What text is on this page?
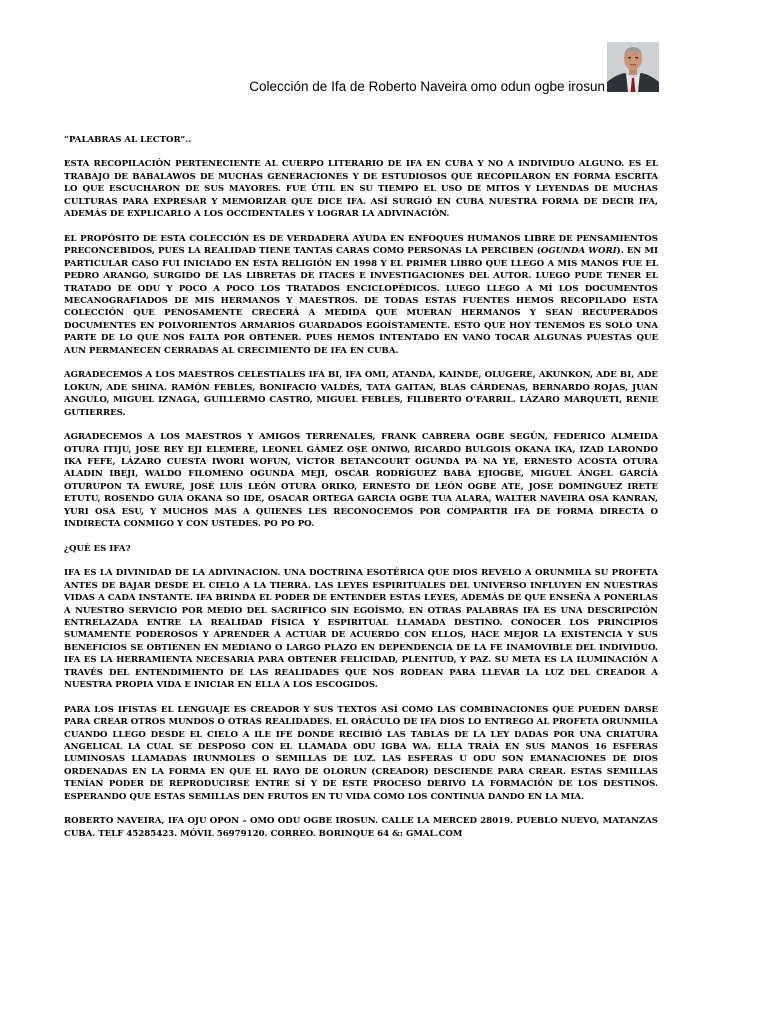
Colección de Ifa de Roberto Naveira omo odun ogbe irosun

“PALABRAS AL LECTOR”..

ESTA RECOPILACIÓN PERTENECIENTE AL CUERPO LITERARIO DE IFA EN CUBA Y NO A INDIVIDUO ALGUNO. ES EL TRABAJO DE BABALAWOS DE MUCHAS GENERACIONES Y DE ESTUDIOSOS QUE RECOPILARON EN FORMA ESCRITA LO QUE ESCUCHARON DE SUS MAYORES. FUE ÚTIL EN SU TIEMPO EL USO DE MITOS Y LEYENDAS DE MUCHAS CULTURAS PARA EXPRESAR Y MEMORIZAR QUE DICE IFA. ASÍ SURGIÓ EN CUBA NUESTRA FORMA DE DECIR IFA, ADEMÁS DE EXPLICARLO A LOS OCCIDENTALES Y LOGRAR LA ADIVINACIÓN.

EL PROPÓSITO DE ESTA COLECCIÓN ES DE VERDADERA AYUDA EN ENFOQUES HUMANOS LIBRE DE PENSAMIENTOS PRECONCEBIDOS, PUES LA REALIDAD TIENE TANTAS CARAS COMO PERSONAS LA PERCIBEN (OGUNDA WORI). EN MI PARTICULAR CASO FUI INICIADO EN ESTA RELIGIÓN EN 1998 Y EL PRIMER LIBRO QUE LLEGO A MIS MANOS FUE EL PEDRO ARANGO, SURGIDO DE LAS LIBRETAS DE ITACES E INVESTIGACIONES DEL AUTOR. LUEGO PUDE TENER EL TRATADO DE ODU Y POCO A POCO LOS TRATADOS ENCICLOPÉDICOS. LUEGO LLEGO A MÍ LOS DOCUMENTOS MECANOGRAFIADOS DE MIS HERMANOS Y MAESTROS. DE TODAS ESTAS FUENTES HEMOS RECOPILADO ESTA COLECCIÓN QUE PENOSAMENTE CRECERÁ A MEDIDA QUE MUERAN HERMANOS Y SEAN RECUPERADOS DOCUMENTES EN POLVORIENTOS ARMARIOS GUARDADOS EGOÍSTAMENTE. ESTO QUE HOY TENEMOS ES SOLO UNA PARTE DE LO QUE NOS FALTA POR OBTENER. PUES HEMOS INTENTADO EN VANO TOCAR ALGUNAS PUESTAS QUE AUN PERMANECEN CERRADAS AL CRECIMIENTO DE IFA EN CUBA.

AGRADECEMOS A LOS MAESTROS CELESTIALES IFA BI, IFA OMI, ATANDA, KAINDE, OLUGERE, AKUNKON, ADE BI, ADE LOKUN, ADE SHINA. RAMÓN FEBLES, BONIFACIO VALDÉS, TATA GAITAN, BLAS CÁRDENAS, BERNARDO ROJAS, JUAN ANGULO, MIGUEL IZNAGA, GUILLERMO CASTRO, MIGUEL FEBLES, FILIBERTO O’FARRIL. LÁZARO MARQUETI, RENIE GUTIERRES.

AGRADECEMOS A LOS MAESTROS Y AMIGOS TERRENALES, FRANK CABRERA OGBE SEGÚN, FEDERICO ALMEIDA OTURA ITIJU, JOSE REY EJI ELEMERE, LEONEL GÁMEZ OȘE ONIWO, RICARDO BULGOIS OKANA IKA, IZAD LARONDO IKA FEFE, LÁZARO CUESTA IWORI WOFUN, VÍCTOR BETANCOURT OGUNDA PA NA YE, ERNESTO ACOSTA OTURA ALADIN IBEJI, WALDO FILOMENO OGUNDA MEJI, OSCAR RODRÍGUEZ BABA EJIOGBE, MIGUEL ÁNGEL GARCÍA OTURUPON TA EWURE, JOSÉ LUIS LEÓN OTURA ORIKO, ERNESTO DE LEÓN OGBE ATE, JOSE DOMINGUEZ IRETE ETUTU, ROSENDO GUIA OKANA SO IDE, OSACAR ORTEGA GARCIA OGBE TUA ALARA, WALTER NAVEIRA OSA KANRAN, YURI OSA ESU, Y MUCHOS MAS A QUIENES LES RECONOCEMOS POR COMPARTIR IFA DE FORMA DIRECTA O INDIRECTA CONMIGO Y CON USTEDES. PO PO PO.

¿QUÉ ES IFA?

IFA ES LA DIVINIDAD DE LA ADIVINACION. UNA DOCTRINA ESOTÉRICA QUE DIOS REVELO A ORUNMILA SU PROFETA ANTES DE BAJAR DESDE EL CIELO A LA TIERRA. LAS LEYES ESPIRITUALES DEL UNIVERSO INFLUYEN EN NUESTRAS VIDAS A CADA INSTANTE. IFA BRINDA EL PODER DE ENTENDER ESTAS LEYES, ADEMÁS DE QUE ENSEÑA A PONERLAS A NUESTRO SERVICIO POR MEDIO DEL SACRIFICO SIN EGOÍSMO. EN OTRAS PALABRAS IFA ES UNA DESCRIPCIÓN ENTRELAZADA ENTRE LA REALIDAD FÍSICA Y ESPIRITUAL LLAMADA DESTINO. CONOCER LOS PRINCIPIOS SUMAMENTE PODEROSOS Y APRENDER A ACTUAR DE ACUERDO CON ELLOS, HACE MEJOR LA EXISTENCIA Y SUS BENEFICIOS SE OBTIENEN EN MEDIANO O LARGO PLAZO EN DEPENDENCIA DE LA FE INAMOVIBLE DEL INDIVIDUO. IFA ES LA HERRAMIENTA NECESARIA PARA OBTENER FELICIDAD, PLENITUD, Y PAZ. SU META ES LA ILUMINACIÓN A TRAVÉS DEL ENTENDIMIENTO DE LAS REALIDADES QUE NOS RODEAN PARA LLEVAR LA LUZ DEL CREADOR A NUESTRA PROPIA VIDA E INICIAR EN ELLA A LOS ESCOGIDOS.

PARA LOS IFISTAS EL LENGUAJE ES CREADOR Y SUS TEXTOS ASÍ COMO LAS COMBINACIONES QUE PUEDEN DARSE PARA CREAR OTROS MUNDOS O OTRAS REALIDADES. EL ORÁCULO DE IFA DIOS LO ENTREGO AL PROFETA ORUNMILA CUANDO LLEGO DESDE EL CIELO A ILE IFE DONDE RECIBIÓ LAS TABLAS DE LA LEY DADAS POR UNA CRIATURA ANGELICAL LA CUAL SE DESPOSO CON EL LLAMADA ODU IGBA WA. ELLA TRAÍA EN SUS MANOS 16 ESFERAS LUMINOSAS LLAMADAS IRUNMOLES O SEMILLAS DE LUZ. LAS ESFERAS U ODU SON EMANACIONES DE DIOS ORDENADAS EN LA FORMA EN QUE EL RAYO DE OLORUN (CREADOR) DESCIENDE PARA CREAR. ESTAS SEMILLAS TENÍAN PODER DE REPRODUCIRSE ENTRE SÍ Y DE ESTE PROCESO DERIVO LA FORMACIÓN DE LOS DESTINOS. ESPERANDO QUE ESTAS SEMILLAS DEN FRUTOS EN TU VIDA COMO LOS CONTINUA DANDO EN LA MIA.

ROBERTO NAVEIRA, IFA OJU OPON – OMO ODU OGBE IROSUN. CALLE LA MERCED 28019. PUEBLO NUEVO, MATANZAS CUBA. TELF 45285423. MÓVIL 56979120. CORREO. BORINQUE 64 &: GMAL.COM
